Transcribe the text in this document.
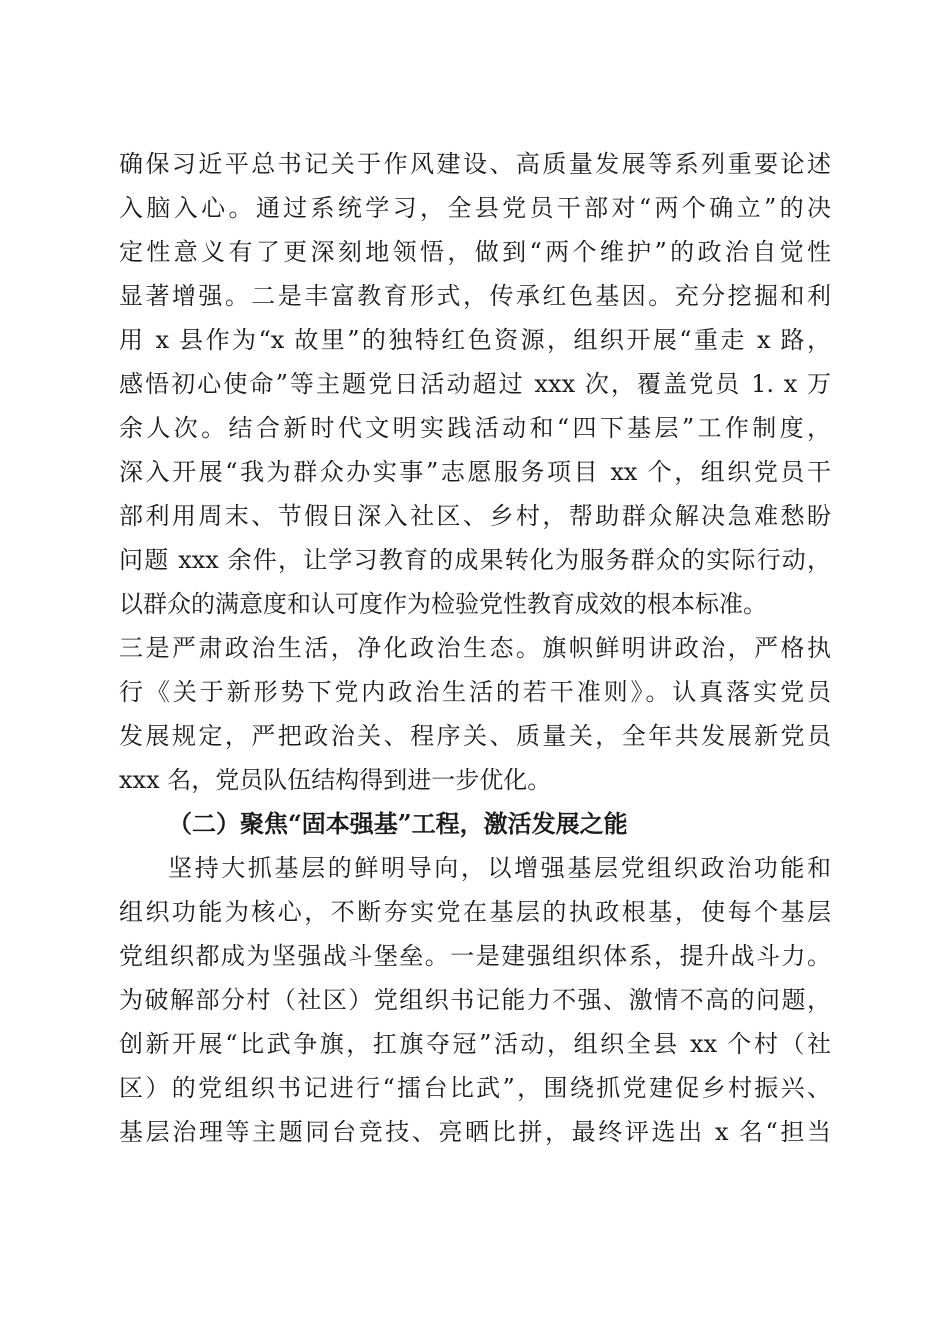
确保习近平总书记关于作风建设、高质量发展等系列重要论述
入脑入心。通过系统学习，全县党员干部对“两个确立”的决
定性意义有了更深刻地领悟，做到“两个维护”的政治自觉性
显著增强。二是丰富教育形式，传承红色基因。充分挖掘和利
用 x 县作为“x 故里”的独特红色资源，组织开展“重走 x 路，
感悟初心使命”等主题党日活动超过 xxx 次，覆盖党员 1. x 万
余人次。结合新时代文明实践活动和“四下基层”工作制度，
深入开展“我为群众办实事”志愿服务项目 xx 个，组织党员干
部利用周末、节假日深入社区、乡村，帮助群众解决急难愁盼
问题 xxx 余件，让学习教育的成果转化为服务群众的实际行动，
以群众的满意度和认可度作为检验党性教育成效的根本标准。
三是严肃政治生活，净化政治生态。旗帜鲜明讲政治，严格执
行《关于新形势下党内政治生活的若干准则》。认真落实党员
发展规定，严把政治关、程序关、质量关，全年共发展新党员
xxx 名，党员队伍结构得到进一步优化。
（二）聚焦“固本强基”工程，激活发展之能
坚持大抓基层的鲜明导向，以增强基层党组织政治功能和
组织功能为核心，不断夯实党在基层的执政根基，使每个基层
党组织都成为坚强战斗堡垒。一是建强组织体系，提升战斗力。
为破解部分村（社区）党组织书记能力不强、激情不高的问题，
创新开展“比武争旗，扛旗夺冠”活动，组织全县 xx 个村（社
区）的党组织书记进行“擂台比武”，围绕抓党建促乡村振兴、
基层治理等主题同台竞技、亮晒比拼，最终评选出 x 名“担当
